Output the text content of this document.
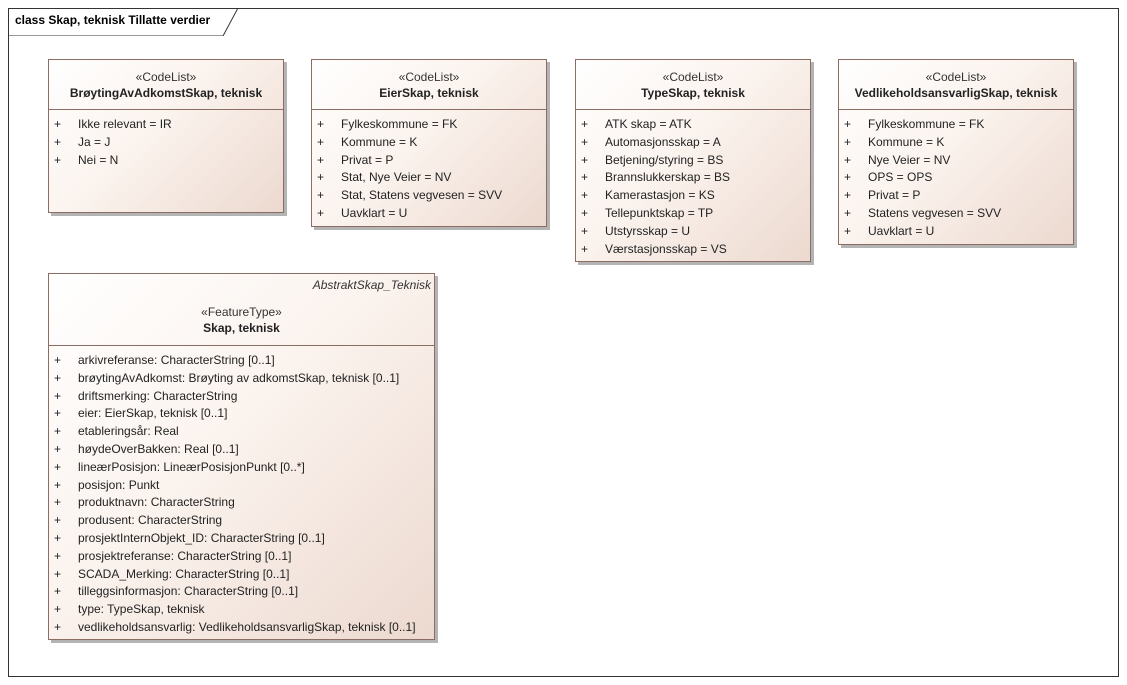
class Skap, teknisk Tillatte verdier
«CodeList»
BrøytingAvAdkomstSkap, teknisk
+ Ikke relevant = IR
+ Ja = J
+ Nei = N
«CodeList»
EierSkap, teknisk
+ Fylkeskommune = FK
+ Kommune = K
+ Privat = P
+ Stat, Nye Veier = NV
+ Stat, Statens vegvesen = SVV
+ Uavklart = U
«CodeList»
TypeSkap, teknisk
+ ATK skap = ATK
+ Automasjonsskap = A
+ Betjening/styring = BS
+ Brannslukkerskap = BS
+ Kamerastasjon = KS
+ Tellepunktskap = TP
+ Utstyrsskap = U
+ Værstasjonsskap = VS
«CodeList»
VedlikeholdsansvarligSkap, teknisk
+ Fylkeskommune = FK
+ Kommune = K
+ Nye Veier = NV
+ OPS = OPS
+ Privat = P
+ Statens vegvesen = SVV
+ Uavklart = U
AbstraktSkap_Teknisk
«FeatureType»
Skap, teknisk
+ arkivreferanse: CharacterString [0..1]
+ brøytingAvAdkomst: Brøyting av adkomstSkap, teknisk [0..1]
+ driftsmerking: CharacterString
+ eier: EierSkap, teknisk [0..1]
+ etableringsår: Real
+ høydeOverBakken: Real [0..1]
+ lineærPosisjon: LineærPosisjonPunkt [0..*]
+ posisjon: Punkt
+ produktnavn: CharacterString
+ produsent: CharacterString
+ prosjektInternObjekt_ID: CharacterString [0..1]
+ prosjektreferanse: CharacterString [0..1]
+ SCADA_Merking: CharacterString [0..1]
+ tilleggsinformasjon: CharacterString [0..1]
+ type: TypeSkap, teknisk
+ vedlikeholdsansvarlig: VedlikeholdsansvarligSkap, teknisk [0..1]
